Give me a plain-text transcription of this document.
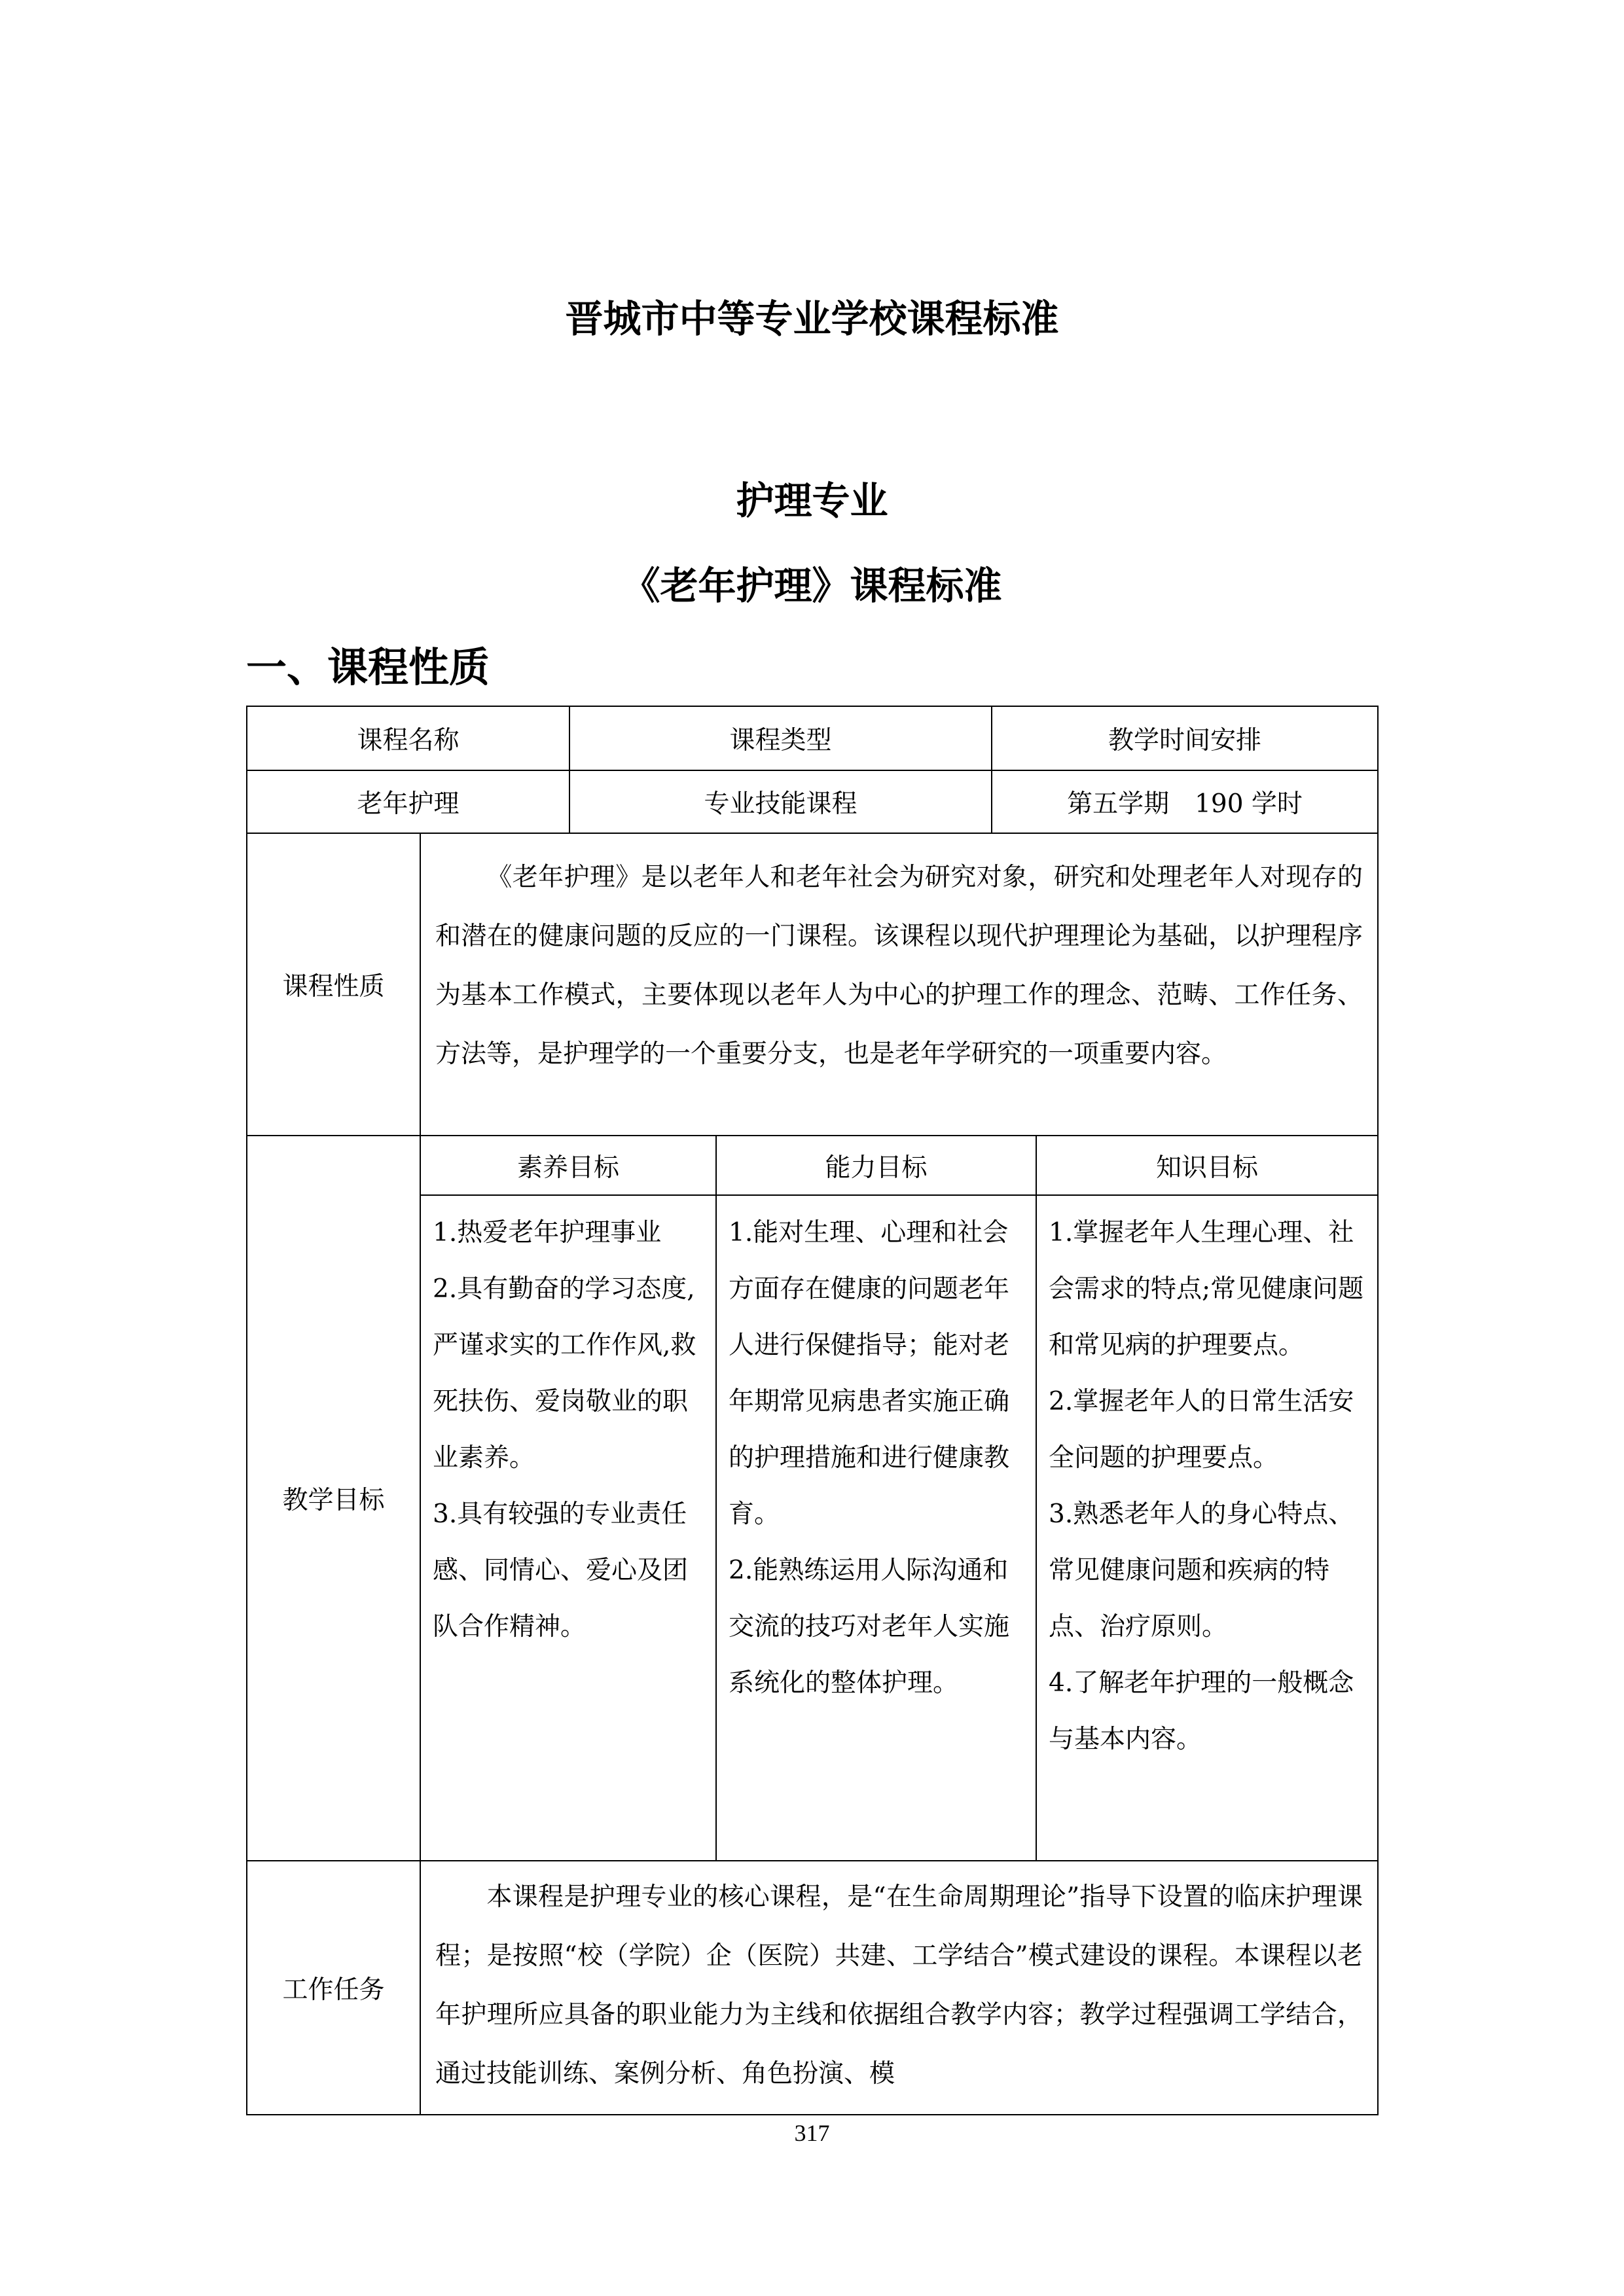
晋城市中等专业学校课程标准
护理专业
《老年护理》课程标准
一、课程性质
课程名称	课程类型	教学时间安排
老年护理	专业技能课程	第五学期　190 学时
课程性质	《老年护理》是以老年人和老年社会为研究对象，研究和处理老年人对现存的和潜在的健康问题的反应的一门课程。该课程以现代护理理论为基础，以护理程序为基本工作模式，主要体现以老年人为中心的护理工作的理念、范畴、工作任务、方法等，是护理学的一个重要分支，也是老年学研究的一项重要内容。
教学目标	
素养目标	能力目标	知识目标

1.热爱老年护理事业
2.具有勤奋的学习态度,严谨求实的工作作风,救死扶伤、爱岗敬业的职业素养。
3.具有较强的专业责任感、同情心、爱心及团队合作精神。

1.能对生理、心理和社会方面存在健康的问题老年人进行保健指导；能对老年期常见病患者实施正确的护理措施和进行健康教育。
2.能熟练运用人际沟通和交流的技巧对老年人实施系统化的整体护理。

1.掌握老年人生理心理、社会需求的特点;常见健康问题和常见病的护理要点。
2.掌握老年人的日常生活安全问题的护理要点。
3.熟悉老年人的身心特点、常见健康问题和疾病的特点、治疗原则。
4.了解老年护理的一般概念与基本内容。

工作任务	本课程是护理专业的核心课程，是“在生命周期理论”指导下设置的临床护理课程；是按照“校（学院）企（医院）共建、工学结合”模式建设的课程。本课程以老年护理所应具备的职业能力为主线和依据组合教学内容；教学过程强调工学结合，通过技能训练、案例分析、角色扮演、模
317
